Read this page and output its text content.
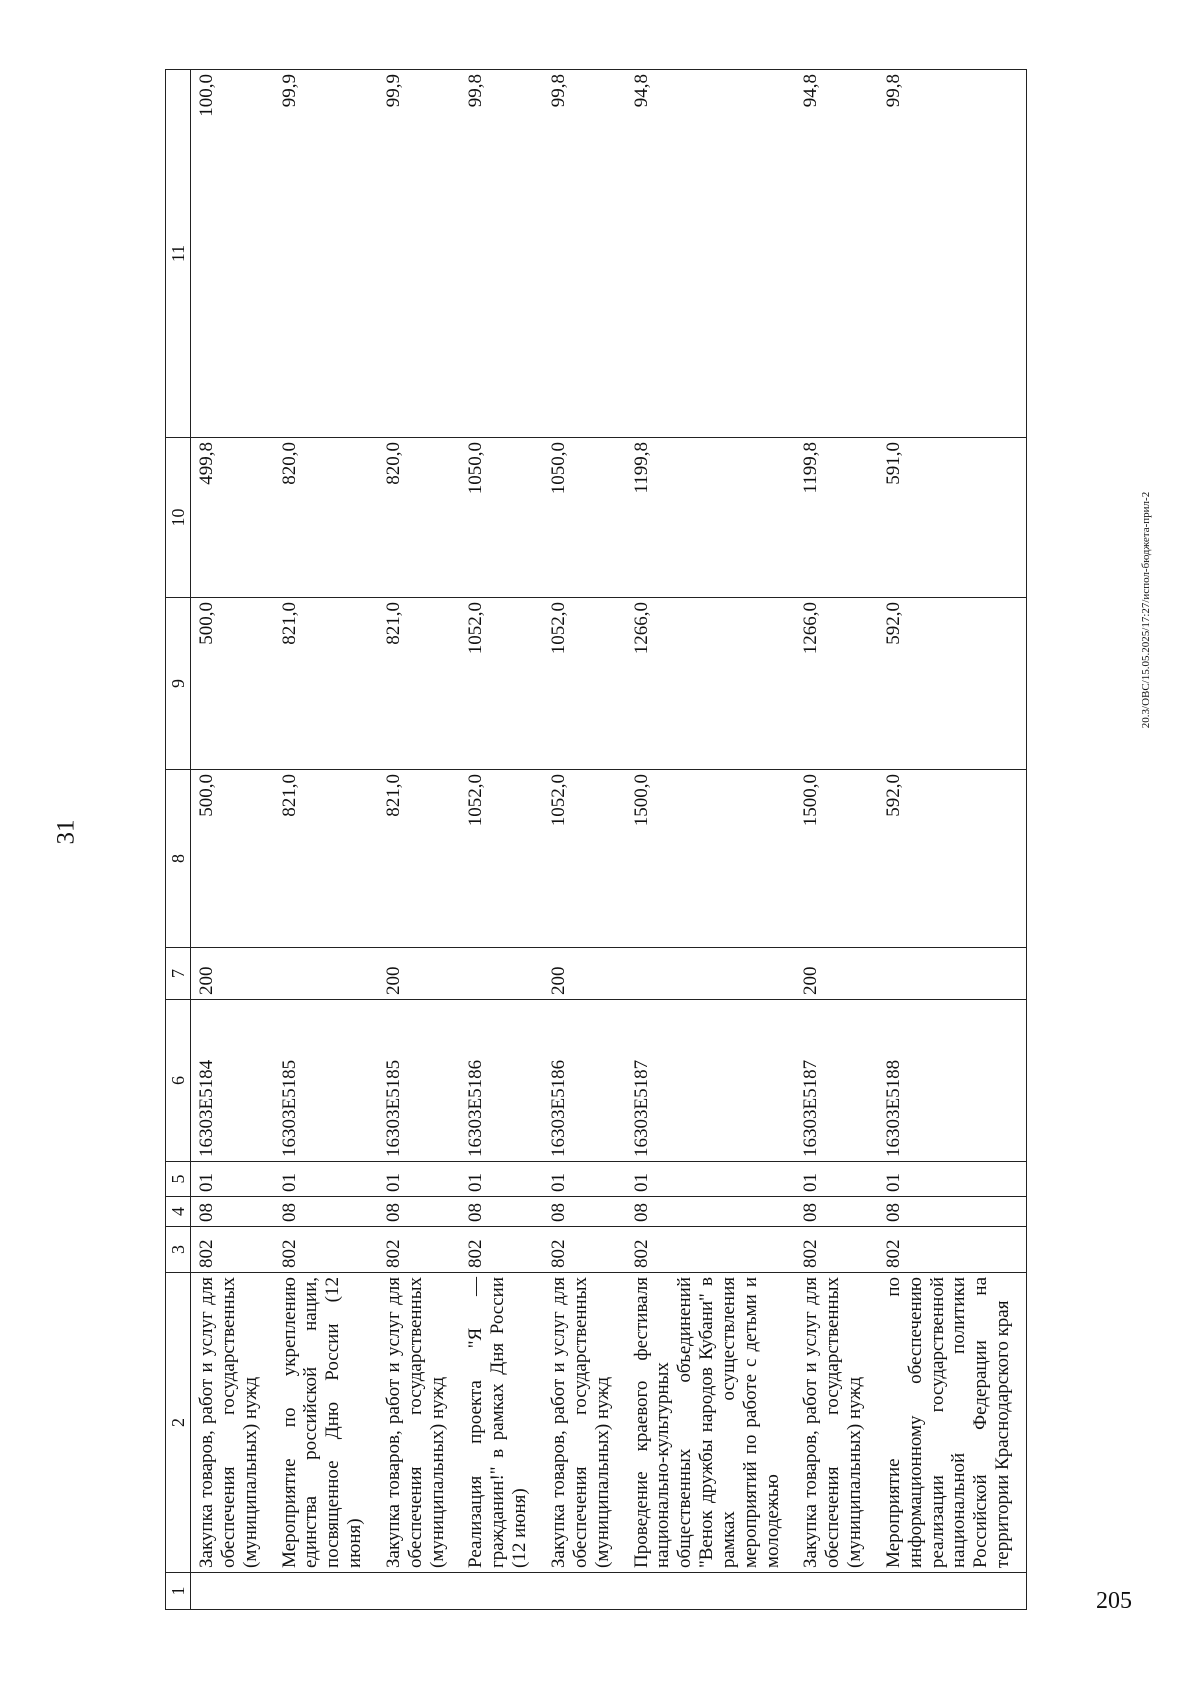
31
20.3/ОВС/15.05.2025/17:27/испол-бюджета-прил-2
205
1	2	3	4	5	6	7	8	9	10	11
	Закупка товаров, работ и услуг для обеспечения государственных (муниципальных) нужд	802	08	01	16303E5184	200	500,0	500,0	499,8	100,0
	Мероприятие по укреплению единства российской нации, посвященное Дню России (12 июня)	802	08	01	16303E5185		821,0	821,0	820,0	99,9
	Закупка товаров, работ и услуг для обеспечения государственных (муниципальных) нужд	802	08	01	16303E5185	200	821,0	821,0	820,0	99,9
	Реализация проекта "Я — гражданин!" в рамках Дня России (12 июня)	802	08	01	16303E5186		1052,0	1052,0	1050,0	99,8
	Закупка товаров, работ и услуг для обеспечения государственных (муниципальных) нужд	802	08	01	16303E5186	200	1052,0	1052,0	1050,0	99,8
	Проведение краевого фестиваля национально-культурных общественных объединений "Венок дружбы народов Кубани" в рамках осуществления мероприятий по работе с детьми и молодежью	802	08	01	16303E5187		1500,0	1266,0	1199,8	94,8
	Закупка товаров, работ и услуг для обеспечения государственных (муниципальных) нужд	802	08	01	16303E5187	200	1500,0	1266,0	1199,8	94,8
	Мероприятие по информационному обеспечению реализации государственной национальной политики Российской Федерации на территории Краснодарского края	802	08	01	16303E5188		592,0	592,0	591,0	99,8
